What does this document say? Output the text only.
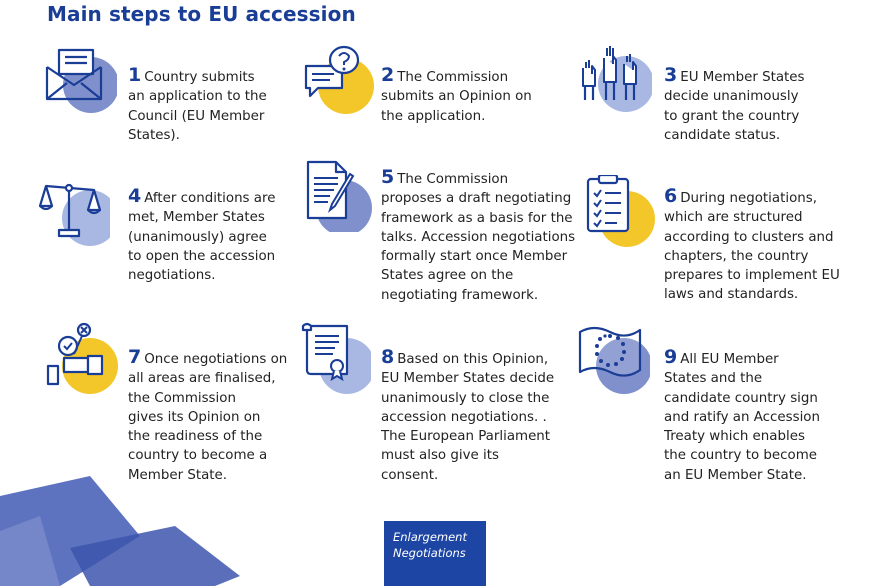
Main steps to EU accession
1 Country submits
an application to the
Council (EU Member
States).
2 The Commission
submits an Opinion on
the application.
3 EU Member States
decide unanimously
to grant the country
candidate status.
4 After conditions are
met, Member States
(unanimously) agree
to open the accession
negotiations.
5 The Commission
proposes a draft negotiating
framework as a basis for the
talks. Accession negotiations
formally start once Member
States agree on the
negotiating framework.
6 During negotiations,
which are structured
according to clusters and
chapters, the country
prepares to implement EU
laws and standards.
7 Once negotiations on
all areas are finalised,
the Commission
gives its Opinion on
the readiness of the
country to become a
Member State.
8 Based on this Opinion,
EU Member States decide
unanimously to close the
accession negotiations. .
The European Parliament
must also give its
consent.
9 All EU Member
States and the
candidate country sign
and ratify an Accession
Treaty which enables
the country to become
an EU Member State.
Enlargement
Negotiations
